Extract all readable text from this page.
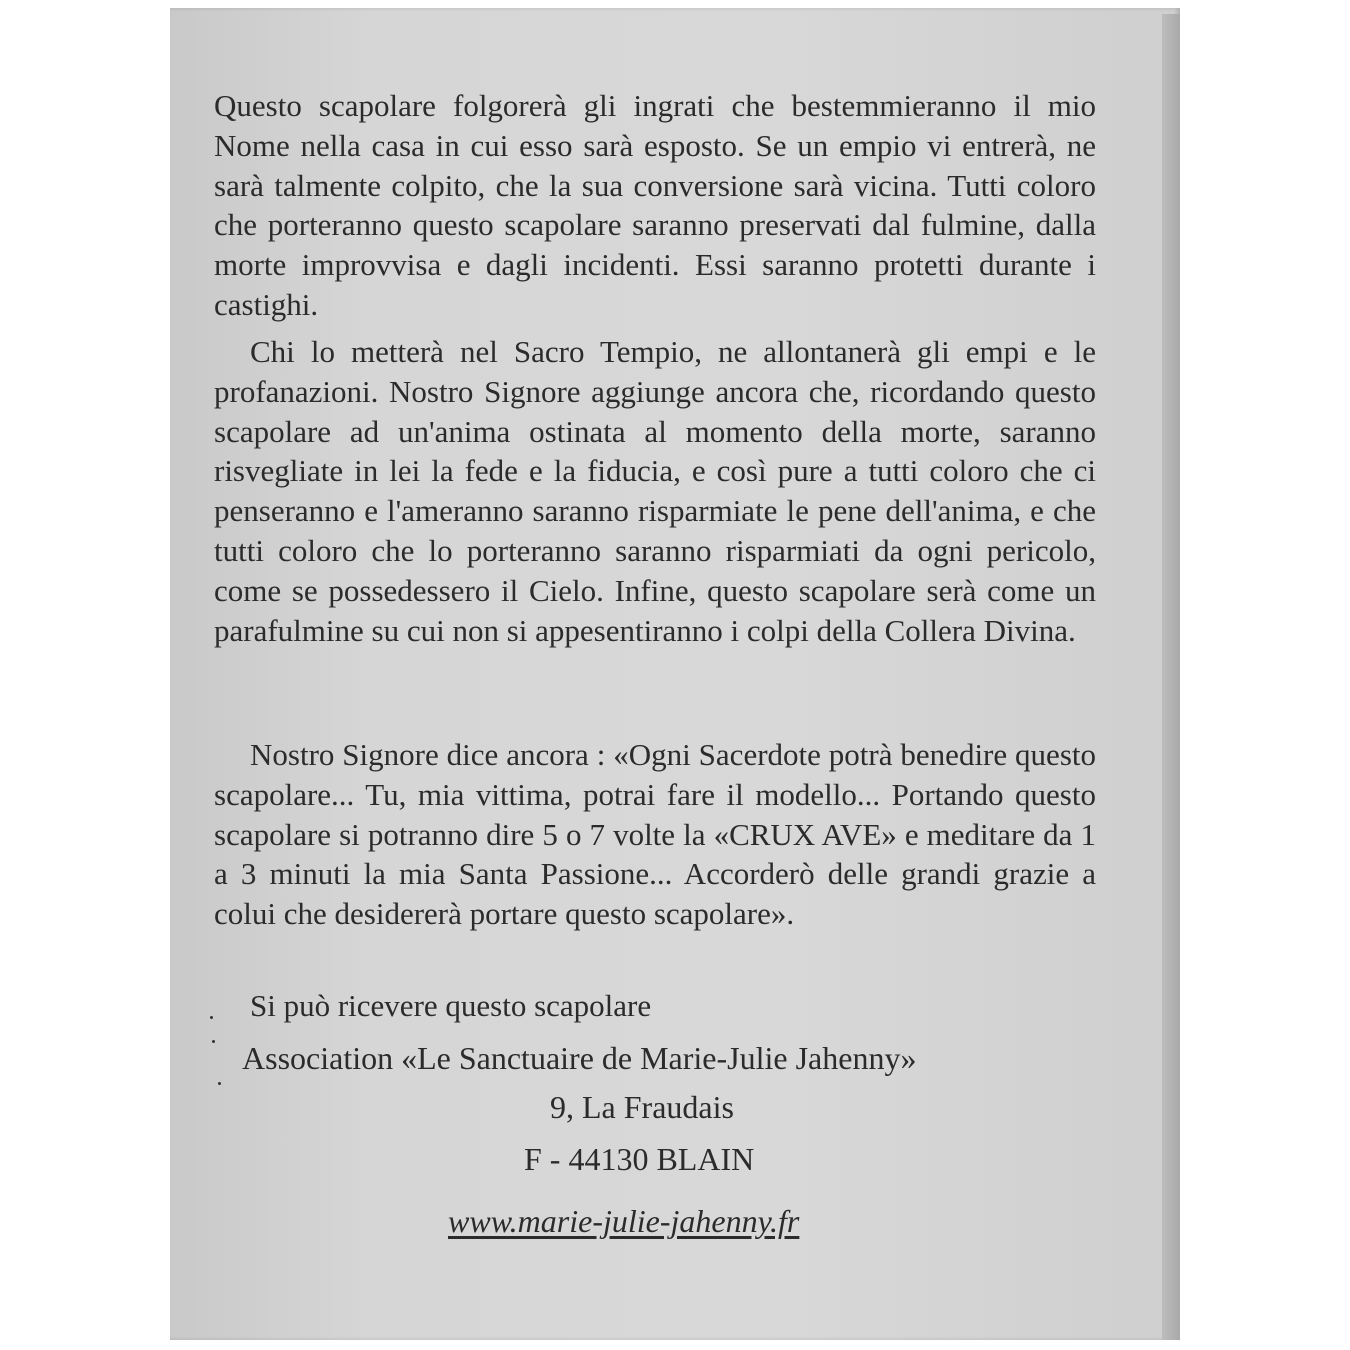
Questo scapolare folgorerà gli ingrati che bestemmieranno il mio Nome nella casa in cui esso sarà esposto. Se un empio vi entrerà, ne sarà talmente colpito, che la sua conversione sarà vicina. Tutti coloro che porteranno questo scapolare saranno preservati dal fulmine, dalla morte improvvisa e dagli incidenti. Essi saranno protetti durante i castighi.
Chi lo metterà nel Sacro Tempio, ne allontanerà gli empi e le profanazioni. Nostro Signore aggiunge ancora che, ricordando questo scapolare ad un'anima ostinata al momento della morte, saranno risvegliate in lei la fede e la fiducia, e così pure a tutti coloro che ci penseranno e l'ameranno saranno risparmiate le pene dell'anima, e che tutti coloro che lo porteranno saranno risparmiati da ogni pericolo, come se possedessero il Cielo. Infine, questo scapolare serà come un parafulmine su cui non si appesentiranno i colpi della Collera Divina.
Nostro Signore dice ancora : «Ogni Sacerdote potrà benedire questo scapolare... Tu, mia vittima, potrai fare il modello... Portando questo scapolare si potranno dire 5 o 7 volte la «CRUX AVE» e meditare da 1 a 3 minuti la mia Santa Passione... Accorderò delle grandi grazie a colui che desidererà portare questo scapolare».
Si può ricevere questo scapolare
Association «Le Sanctuaire de Marie-Julie Jahenny»
9, La Fraudais
F - 44130 BLAIN
www.marie-julie-jahenny.fr
